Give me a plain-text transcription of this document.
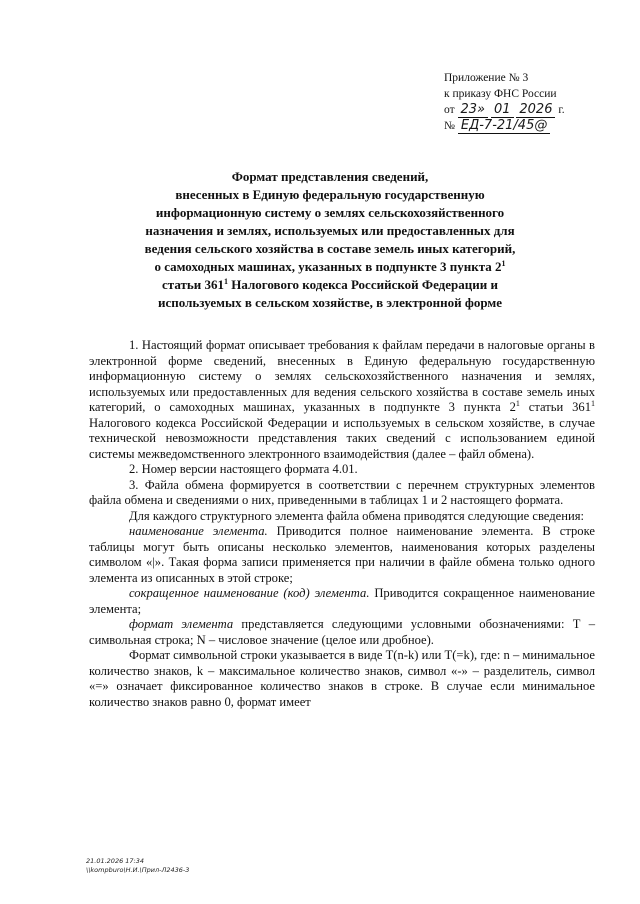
Приложение № 3
к приказу ФНС России
от 23» 01 2026 г.
№ ЕД-7-21/45@
Формат представления сведений,
внесенных в Единую федеральную государственную
информационную систему о землях сельскохозяйственного
назначения и землях, используемых или предоставленных для
ведения сельского хозяйства в составе земель иных категорий,
о самоходных машинах, указанных в подпункте 3 пункта $2^1$
статьи $361^1$ Налогового кодекса Российской Федерации и
используемых в сельском хозяйстве, в электронной форме

1. Настоящий формат описывает требования к файлам передачи в налоговые органы в электронной форме сведений, внесенных в Единую федеральную государственную информационную систему о землях сельскохозяйственного назначения и землях, используемых или предоставленных для ведения сельского хозяйства в составе земель иных категорий, о самоходных машинах, указанных в подпункте 3 пункта $2^1$ статьи $361^1$ Налогового кодекса Российской Федерации и используемых в сельском хозяйстве, в случае технической невозможности представления таких сведений с использованием единой системы межведомственного электронного взаимодействия (далее – файл обмена).

2. Номер версии настоящего формата 4.01.

3. Файла обмена формируется в соответствии с перечнем структурных элементов файла обмена и сведениями о них, приведенными в таблицах 1 и 2 настоящего формата.

Для каждого структурного элемента файла обмена приводятся следующие сведения:

наименование элемента. Приводится полное наименование элемента. В строке таблицы могут быть описаны несколько элементов, наименования которых разделены символом «|». Такая форма записи применяется при наличии в файле обмена только одного элемента из описанных в этой строке;

сокращенное наименование (код) элемента. Приводится сокращенное наименование элемента;

формат элемента представляется следующими условными обозначениями: Т – символьная строка; N – числовое значение (целое или дробное).

Формат символьной строки указывается в виде Т(n-k) или Т(=k), где: n – минимальное количество знаков, k – максимальное количество знаков, символ «-» – разделитель, символ «=» означает фиксированное количество знаков в строке. В случае если минимальное количество знаков равно 0, формат имеет

21.01.2026 17:34
\\kompburo\Н.И.\Прил-Л2436-3
